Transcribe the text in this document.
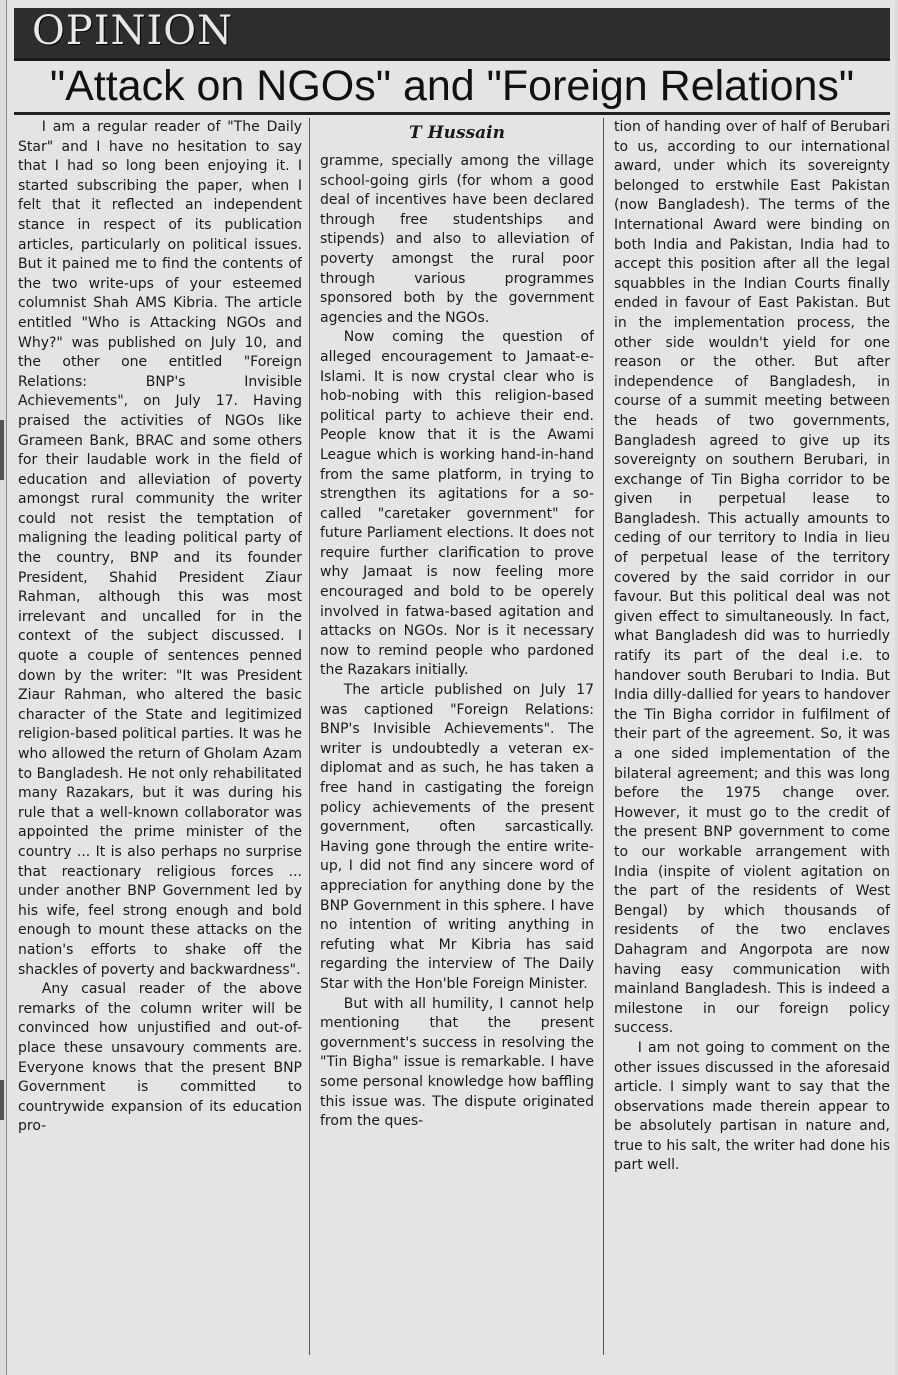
OPINION
"Attack on NGOs" and "Foreign Relations"

I am a regular reader of "The Daily Star" and I have no hesitation to say that I had so long been enjoying it. I started subscribing the paper, when I felt that it reflected an independent stance in respect of its publication articles, particularly on political issues. But it pained me to find the contents of the two write-ups of your esteemed columnist Shah AMS Kibria. The article entitled "Who is Attacking NGOs and Why?" was published on July 10, and the other one entitled "Foreign Relations: BNP's Invisible Achievements", on July 17. Having praised the activities of NGOs like Grameen Bank, BRAC and some others for their laudable work in the field of education and alleviation of poverty amongst rural community the writer could not resist the temptation of maligning the leading political party of the country, BNP and its founder President, Shahid President Ziaur Rahman, although this was most irrelevant and uncalled for in the context of the subject discussed. I quote a couple of sentences penned down by the writer: "It was President Ziaur Rahman, who altered the basic character of the State and legitimized religion-based political parties. It was he who allowed the return of Gholam Azam to Bangladesh. He not only rehabilitated many Razakars, but it was during his rule that a well-known collaborator was appointed the prime minister of the country ... It is also perhaps no surprise that reactionary religious forces ... under another BNP Government led by his wife, feel strong enough and bold enough to mount these attacks on the nation's efforts to shake off the shackles of poverty and backwardness".

Any casual reader of the above remarks of the column writer will be convinced how unjustified and out-of-place these unsavoury comments are. Everyone knows that the present BNP Government is committed to countrywide expansion of its education pro-

T Hussain

gramme, specially among the village school-going girls (for whom a good deal of incentives have been declared through free studentships and stipends) and also to alleviation of poverty amongst the rural poor through various programmes sponsored both by the government agencies and the NGOs.

Now coming the question of alleged encouragement to Jamaat-e-Islami. It is now crystal clear who is hob-nobing with this religion-based political party to achieve their end. People know that it is the Awami League which is working hand-in-hand from the same platform, in trying to strengthen its agitations for a so-called "caretaker government" for future Parliament elections. It does not require further clarification to prove why Jamaat is now feeling more encouraged and bold to be operely involved in fatwa-based agitation and attacks on NGOs. Nor is it necessary now to remind people who pardoned the Razakars initially.

The article published on July 17 was captioned "Foreign Relations: BNP's Invisible Achievements". The writer is undoubtedly a veteran ex-diplomat and as such, he has taken a free hand in castigating the foreign policy achievements of the present government, often sarcastically. Having gone through the entire write-up, I did not find any sincere word of appreciation for anything done by the BNP Government in this sphere. I have no intention of writing anything in refuting what Mr Kibria has said regarding the interview of The Daily Star with the Hon'ble Foreign Minister.

But with all humility, I cannot help mentioning that the present government's success in resolving the "Tin Bigha" issue is remarkable. I have some personal knowledge how baffling this issue was. The dispute originated from the ques-

tion of handing over of half of Berubari to us, according to our international award, under which its sovereignty belonged to erstwhile East Pakistan (now Bangladesh). The terms of the International Award were binding on both India and Pakistan, India had to accept this position after all the legal squabbles in the Indian Courts finally ended in favour of East Pakistan. But in the implementation process, the other side wouldn't yield for one reason or the other. But after independence of Bangladesh, in course of a summit meeting between the heads of two governments, Bangladesh agreed to give up its sovereignty on southern Berubari, in exchange of Tin Bigha corridor to be given in perpetual lease to Bangladesh. This actually amounts to ceding of our territory to India in lieu of perpetual lease of the territory covered by the said corridor in our favour. But this political deal was not given effect to simultaneously. In fact, what Bangladesh did was to hurriedly ratify its part of the deal i.e. to handover south Berubari to India. But India dilly-dallied for years to handover the Tin Bigha corridor in fulfilment of their part of the agreement. So, it was a one sided implementation of the bilateral agreement; and this was long before the 1975 change over. However, it must go to the credit of the present BNP government to come to our workable arrangement with India (inspite of violent agitation on the part of the residents of West Bengal) by which thousands of residents of the two enclaves Dahagram and Angorpota are now having easy communication with mainland Bangladesh. This is indeed a milestone in our foreign policy success.

I am not going to comment on the other issues discussed in the aforesaid article. I simply want to say that the observations made therein appear to be absolutely partisan in nature and, true to his salt, the writer had done his part well.
